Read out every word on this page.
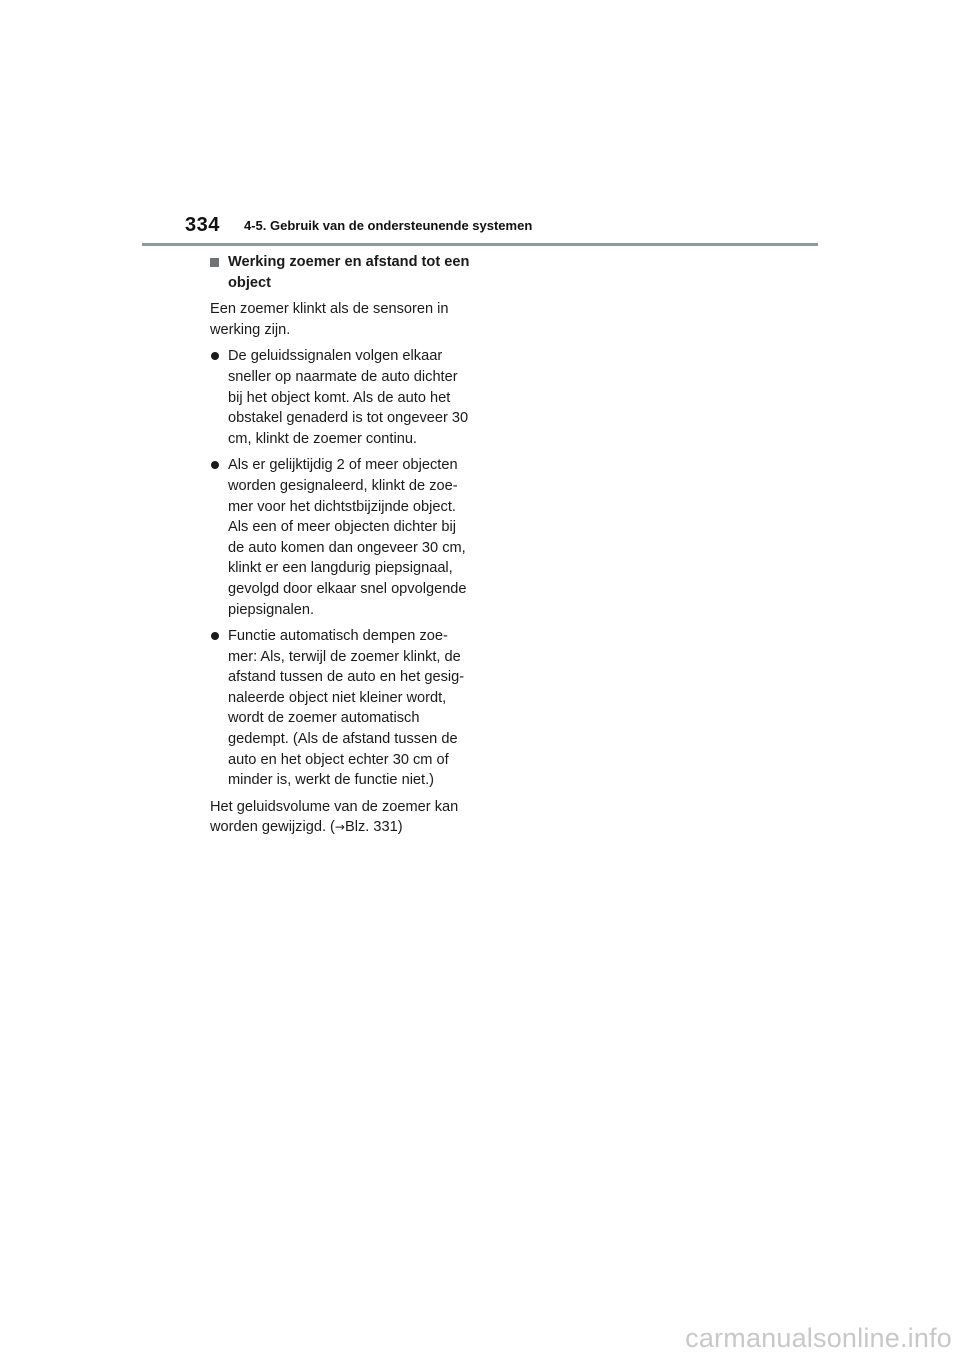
334 4-5. Gebruik van de ondersteunende systemen
Werking zoemer en afstand tot een object

Een zoemer klinkt als de sensoren in werking zijn.

De geluidssignalen volgen elkaar sneller op naarmate de auto dichter bij het object komt. Als de auto het obstakel genaderd is tot ongeveer 30 cm, klinkt de zoemer continu.
Als er gelijktijdig 2 of meer objecten worden gesignaleerd, klinkt de zoe-mer voor het dichtstbijzijnde object. Als een of meer objecten dichter bij de auto komen dan ongeveer 30 cm, klinkt er een langdurig piepsignaal, gevolgd door elkaar snel opvolgende piepsignalen.
Functie automatisch dempen zoe-mer: Als, terwijl de zoemer klinkt, de afstand tussen de auto en het gesig-naleerde object niet kleiner wordt, wordt de zoemer automatisch gedempt. (Als de afstand tussen de auto en het object echter 30 cm of minder is, werkt de functie niet.)

Het geluidsvolume van de zoemer kan worden gewijzigd. (→Blz. 331)

carmanualsonline.info
